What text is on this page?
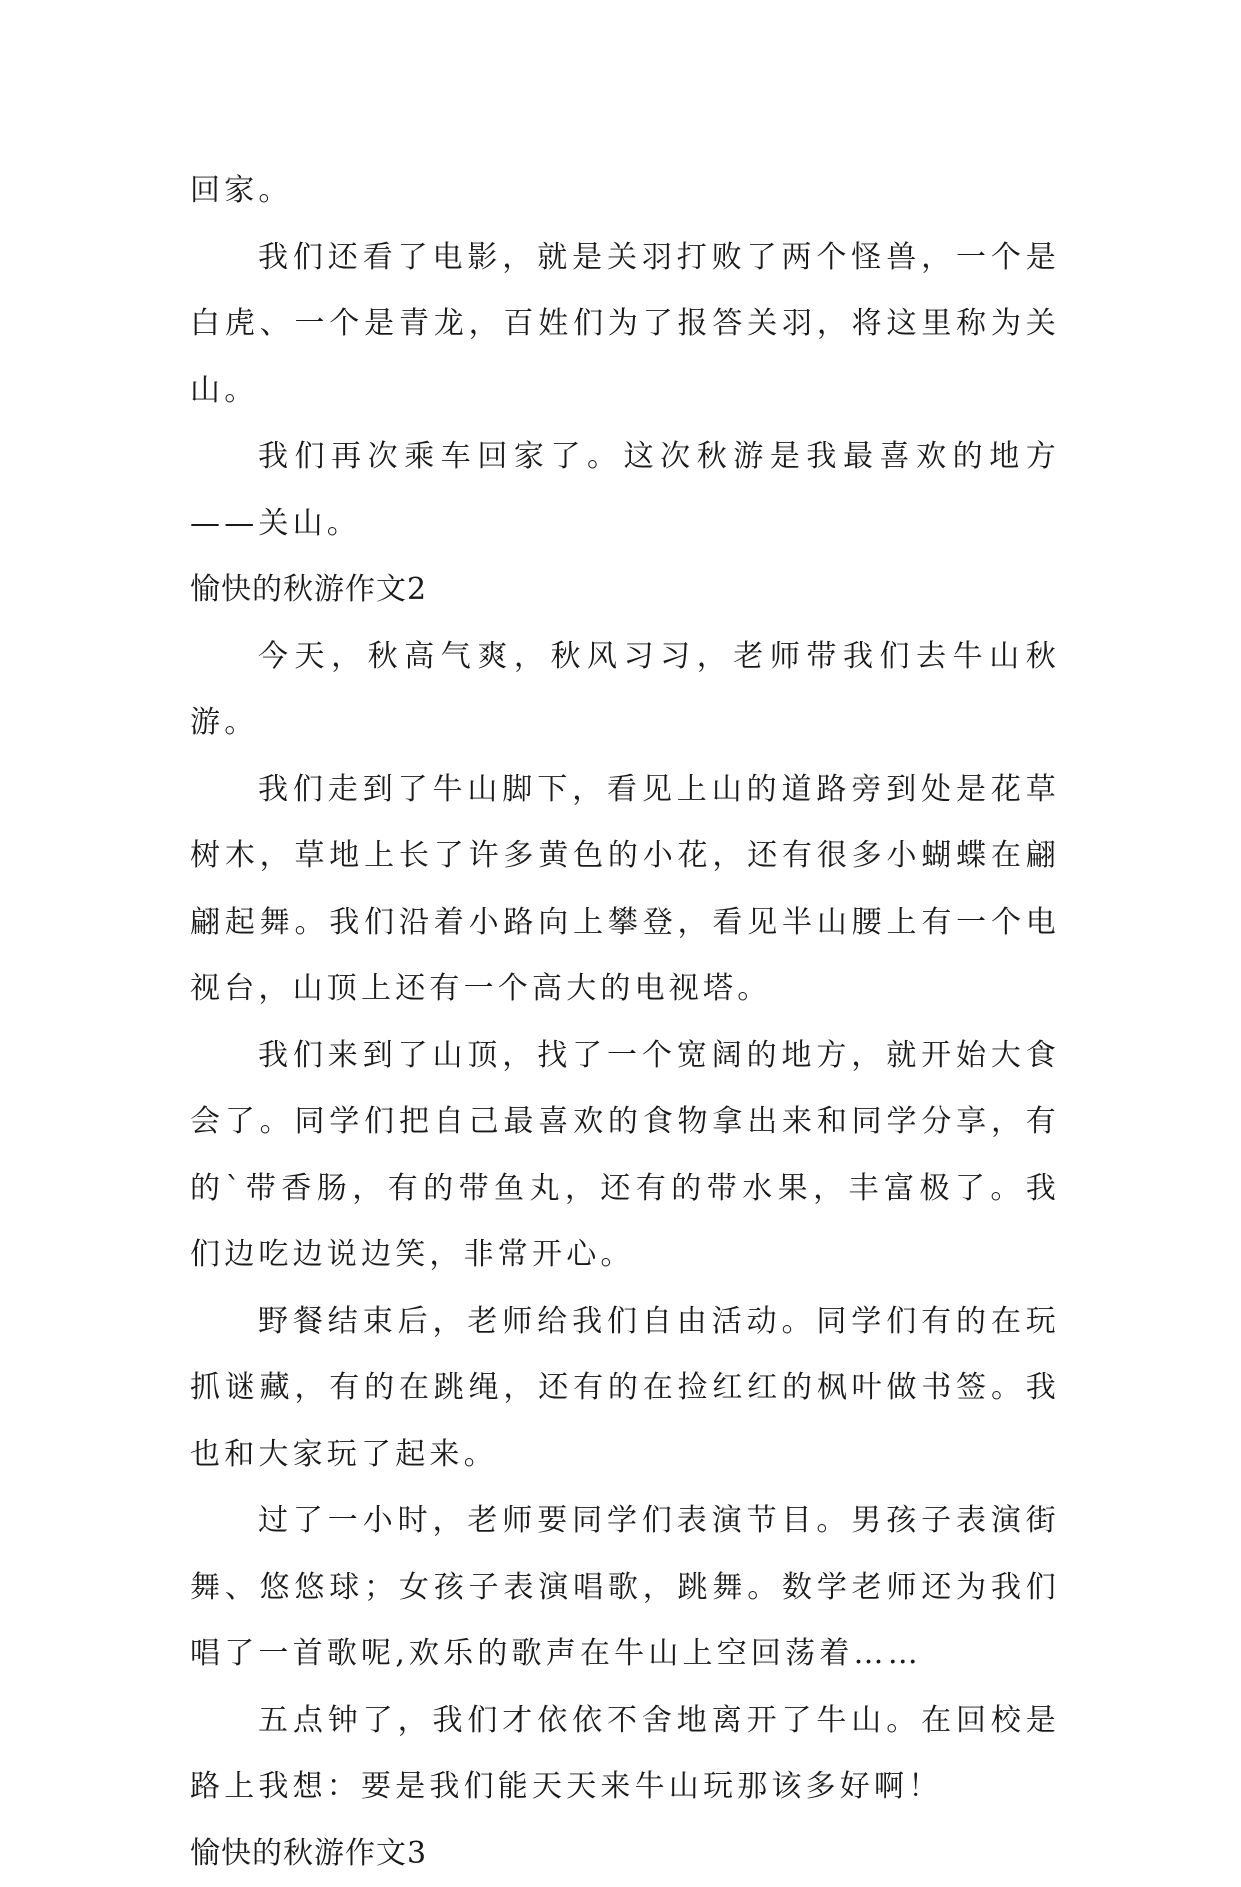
回家。

我们还看了电影，就是关羽打败了两个怪兽，一个是白虎、一个是青龙，百姓们为了报答关羽，将这里称为关山。

我们再次乘车回家了。这次秋游是我最喜欢的地方——关山。

愉快的秋游作文2

今天，秋高气爽，秋风习习，老师带我们去牛山秋游。

我们走到了牛山脚下，看见上山的道路旁到处是花草树木，草地上长了许多黄色的小花，还有很多小蝴蝶在翩翩起舞。我们沿着小路向上攀登，看见半山腰上有一个电视台，山顶上还有一个高大的电视塔。

我们来到了山顶，找了一个宽阔的地方，就开始大食会了。同学们把自己最喜欢的食物拿出来和同学分享，有的`带香肠，有的带鱼丸，还有的带水果，丰富极了。我们边吃边说边笑，非常开心。

野餐结束后，老师给我们自由活动。同学们有的在玩抓谜藏，有的在跳绳，还有的在捡红红的枫叶做书签。我也和大家玩了起来。

过了一小时，老师要同学们表演节目。男孩子表演街舞、悠悠球；女孩子表演唱歌，跳舞。数学老师还为我们唱了一首歌呢,欢乐的歌声在牛山上空回荡着……

五点钟了，我们才依依不舍地离开了牛山。在回校是路上我想：要是我们能天天来牛山玩那该多好啊！

愉快的秋游作文3
